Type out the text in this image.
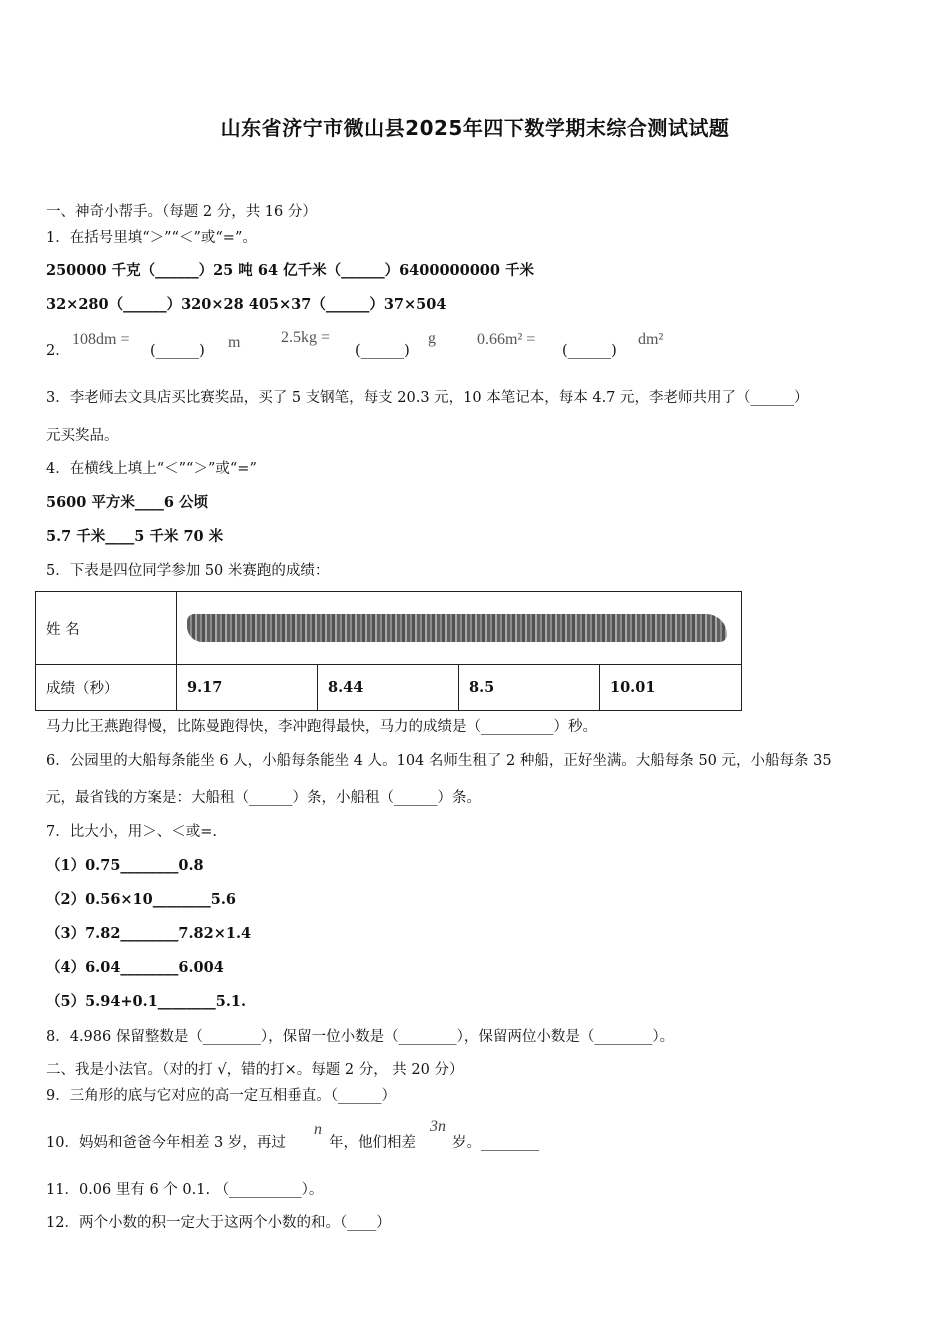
山东省济宁市微山县2025年四下数学期末综合测试试题
一、神奇小帮手。（每题 2 分，共 16 分）
1．在括号里填“＞”“＜”或“=”。
250000 千克（______）25 吨 64 亿千米（______）6400000000 千米
32×280（______）320×28 405×37（______）37×504
2．
108dm =
(______) m	2.5kg =
(______)
g	0.66m² =
(______)
dm²
3．李老师去文具店买比赛奖品，买了 5 支钢笔，每支 20.3 元，10 本笔记本，每本 4.7 元，李老师共用了（______）
元买奖品。
4．在横线上填上“＜”“＞”或“=”
5600 平方米____6 公顷
5.7 千米____5 千米 70 米
5．下表是四位同学参加 50 米赛跑的成绩：
姓 名				

成绩（秒）	9.17	8.44	8.5	10.01
马力比王燕跑得慢，比陈曼跑得快，李冲跑得最快，马力的成绩是（__________）秒。
6．公园里的大船每条能坐 6 人，小船每条能坐 4 人。104 名师生租了 2 种船，正好坐满。大船每条 50 元，小船每条 35
元，最省钱的方案是：大船租（______）条，小船租（______）条。
7．比大小，用＞、＜或=.
（1）0.75________0.8
（2）0.56×10________5.6
（3）7.82________7.82×1.4
（4）6.04________6.004
（5）5.94+0.1________5.1.
8．4.986 保留整数是（________），保留一位小数是（________），保留两位小数是（________）。
二、我是小法官。（对的打 √，错的打×。每题 2 分， 共 20 分）
9．三角形的底与它对应的高一定互相垂直。（______）
10．妈妈和爸爸今年相差 3 岁，再过
n
年，他们相差
3n
岁。________
11．0.06 里有 6 个 0.1. （__________）。
12．两个小数的积一定大于这两个小数的和。（____）
